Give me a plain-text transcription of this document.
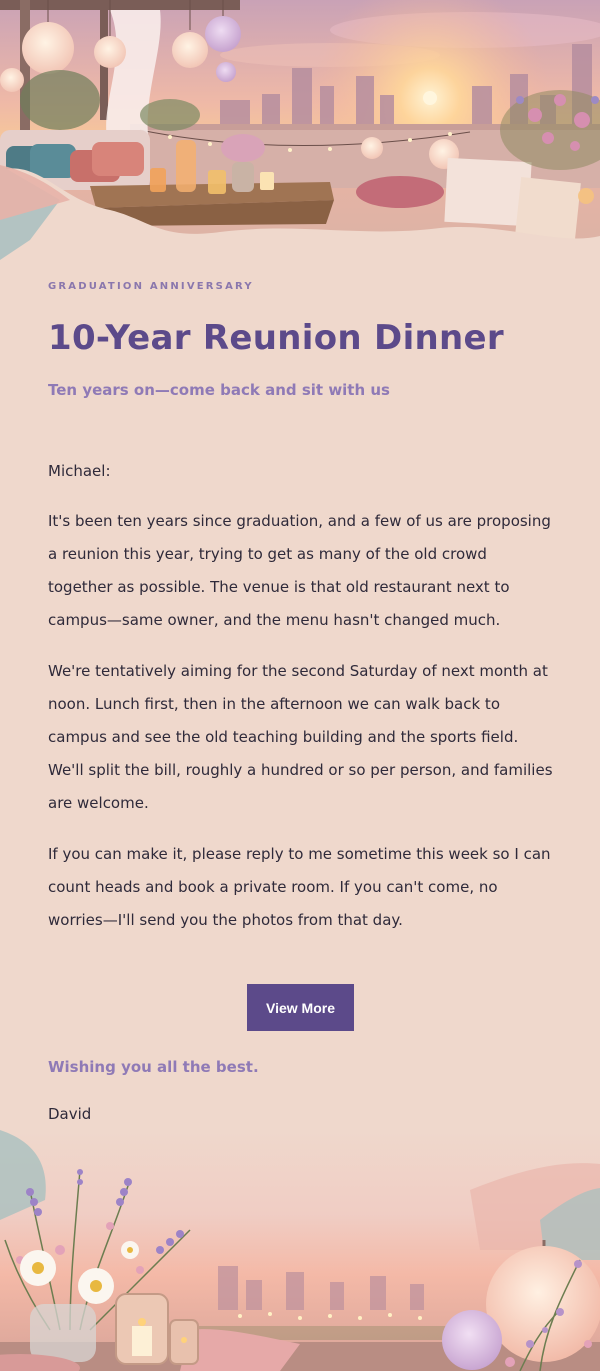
GRADUATION ANNIVERSARY
10-Year Reunion Dinner
Ten years on—come back and sit with us
Michael:
It's been ten years since graduation, and a few of us are proposing a reunion this year, trying to get as many of the old crowd together as possible. The venue is that old restaurant next to campus—same owner, and the menu hasn't changed much.
We're tentatively aiming for the second Saturday of next month at noon. Lunch first, then in the afternoon we can walk back to campus and see the old teaching building and the sports field. We'll split the bill, roughly a hundred or so per person, and families are welcome.
If you can make it, please reply to me sometime this week so I can count heads and book a private room. If you can't come, no worries—I'll send you the photos from that day.
View More
Wishing you all the best.
David
